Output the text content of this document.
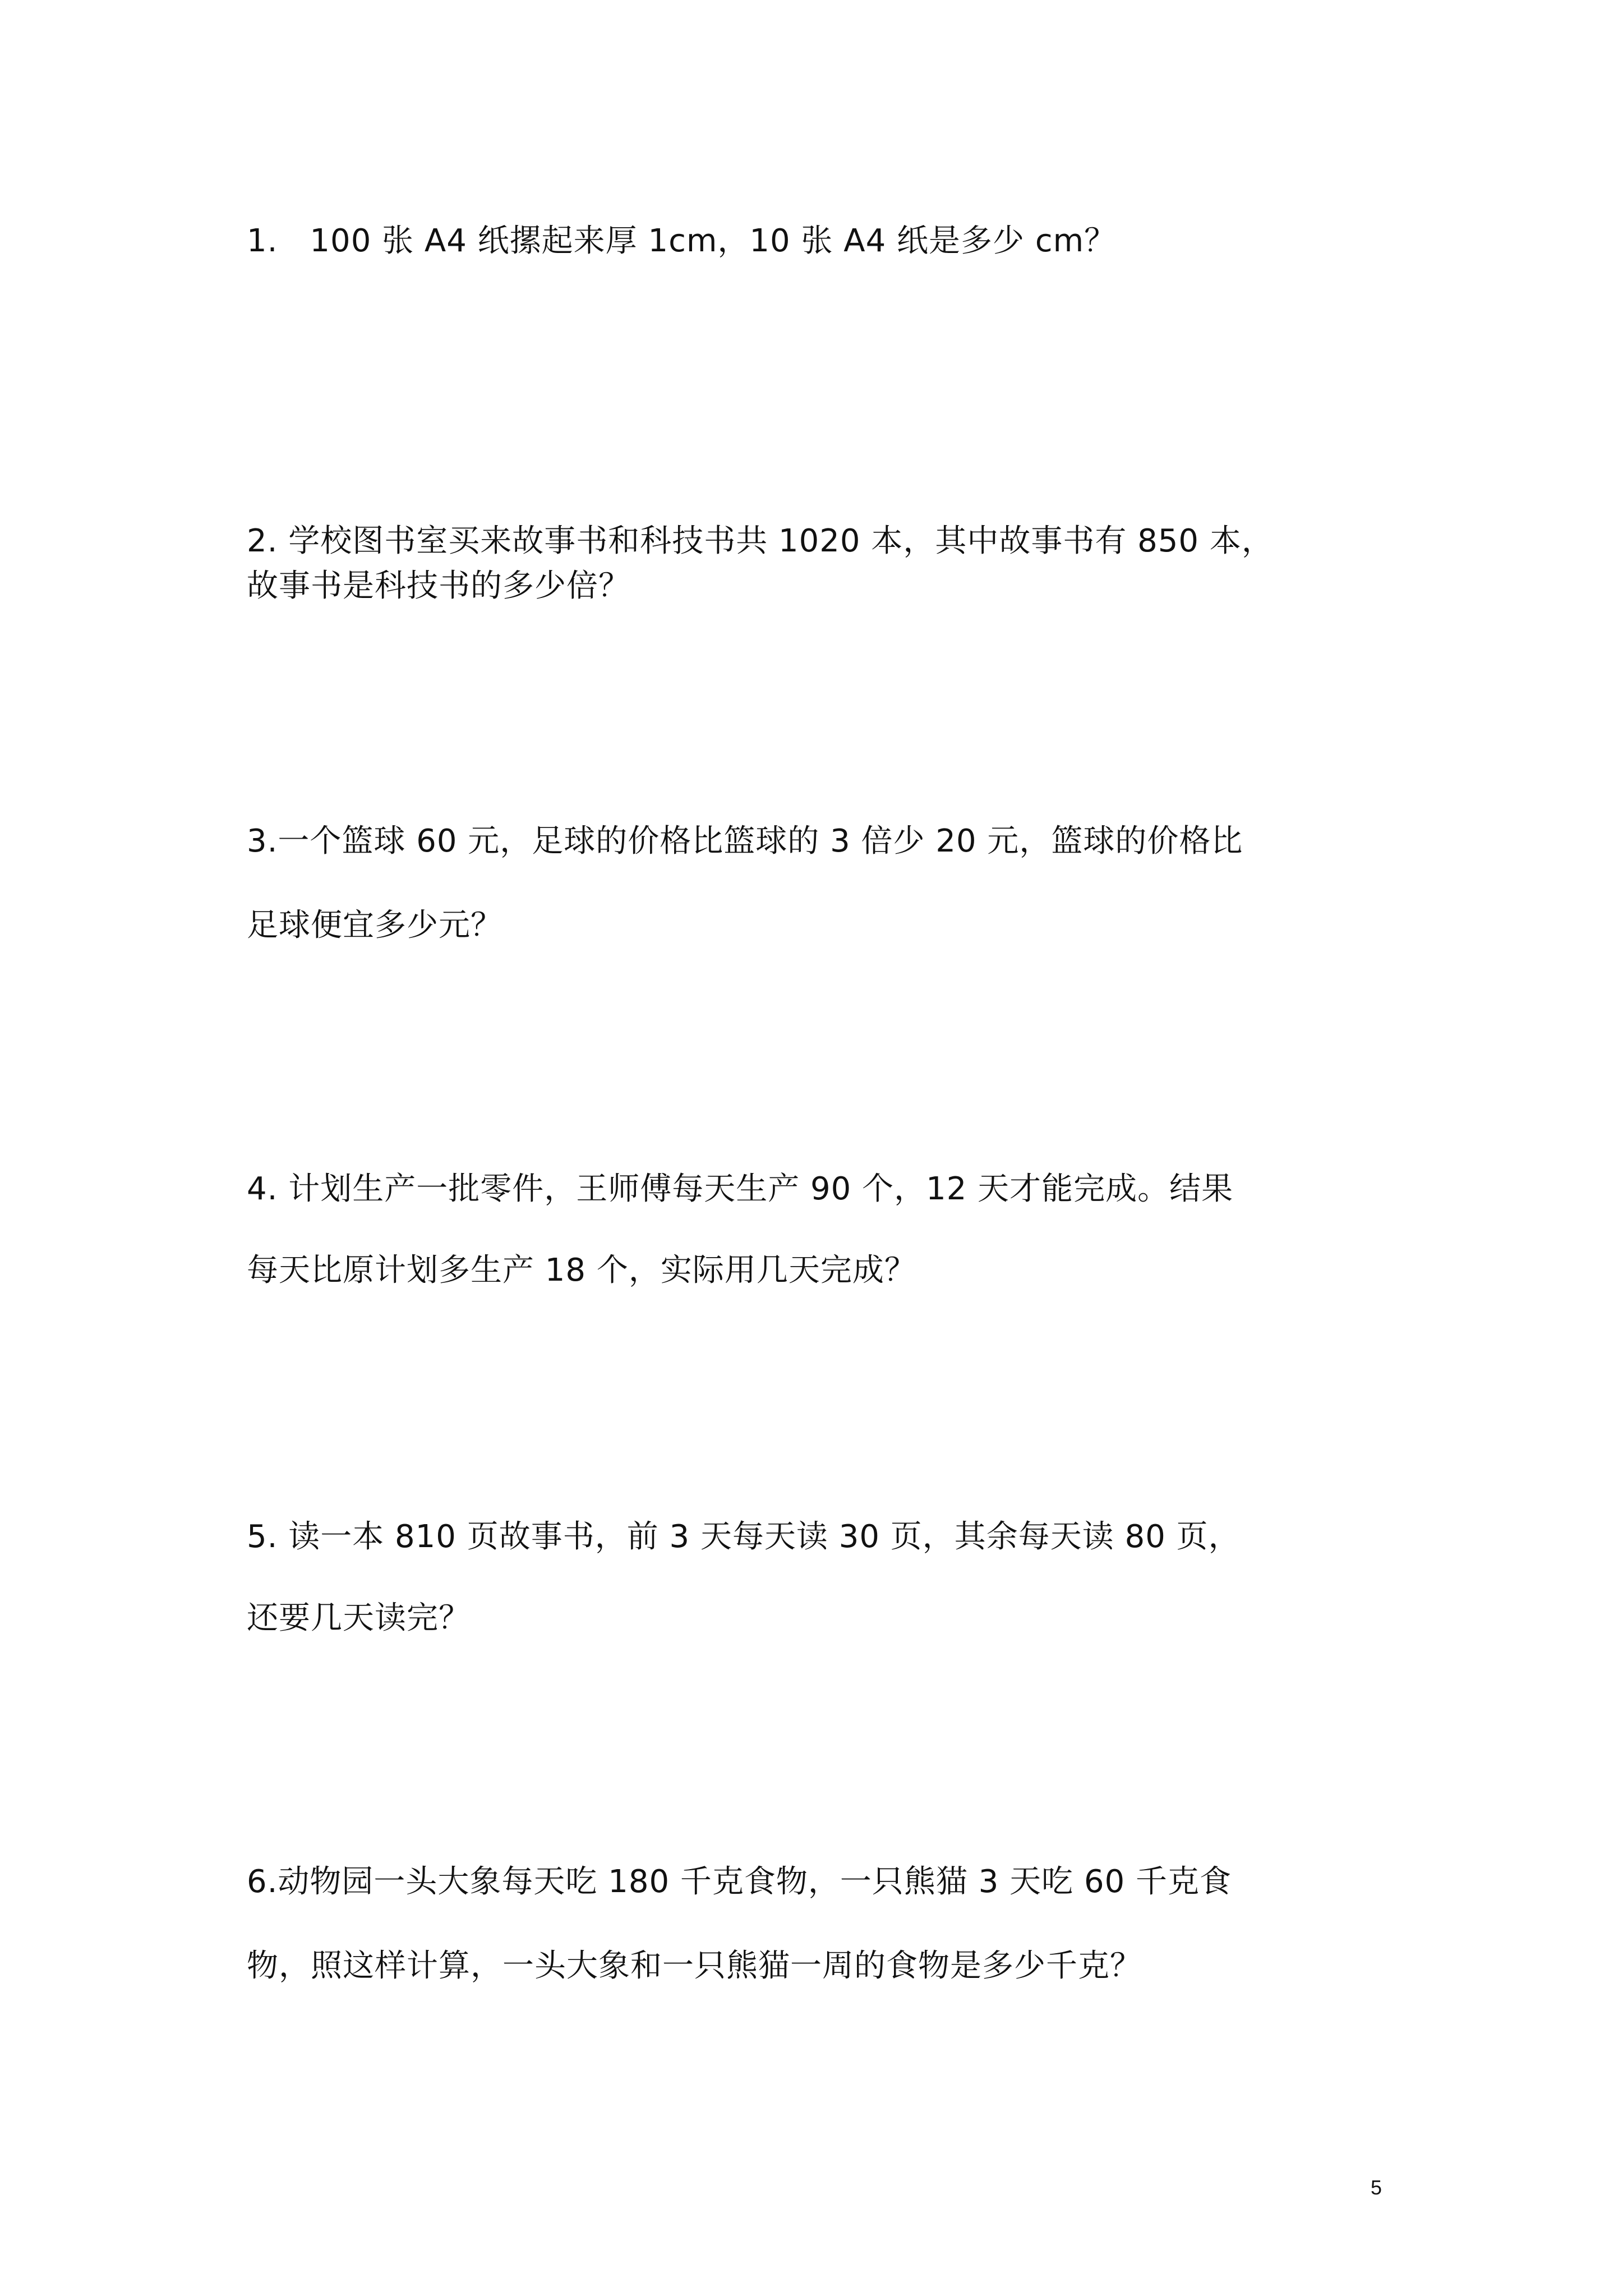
1.　100 张 A4 纸摞起来厚 1cm，10 张 A4 纸是多少 cm？
2. 学校图书室买来故事书和科技书共 1020 本，其中故事书有 850 本，
故事书是科技书的多少倍？
3.一个篮球 60 元，足球的价格比篮球的 3 倍少 20 元，篮球的价格比
足球便宜多少元？
4. 计划生产一批零件，王师傅每天生产 90 个，12 天才能完成。结果
每天比原计划多生产 18 个，实际用几天完成？
5. 读一本 810 页故事书，前 3 天每天读 30 页，其余每天读 80 页，
还要几天读完？
6.动物园一头大象每天吃 180 千克食物，一只熊猫 3 天吃 60 千克食
物，照这样计算，一头大象和一只熊猫一周的食物是多少千克？
5
